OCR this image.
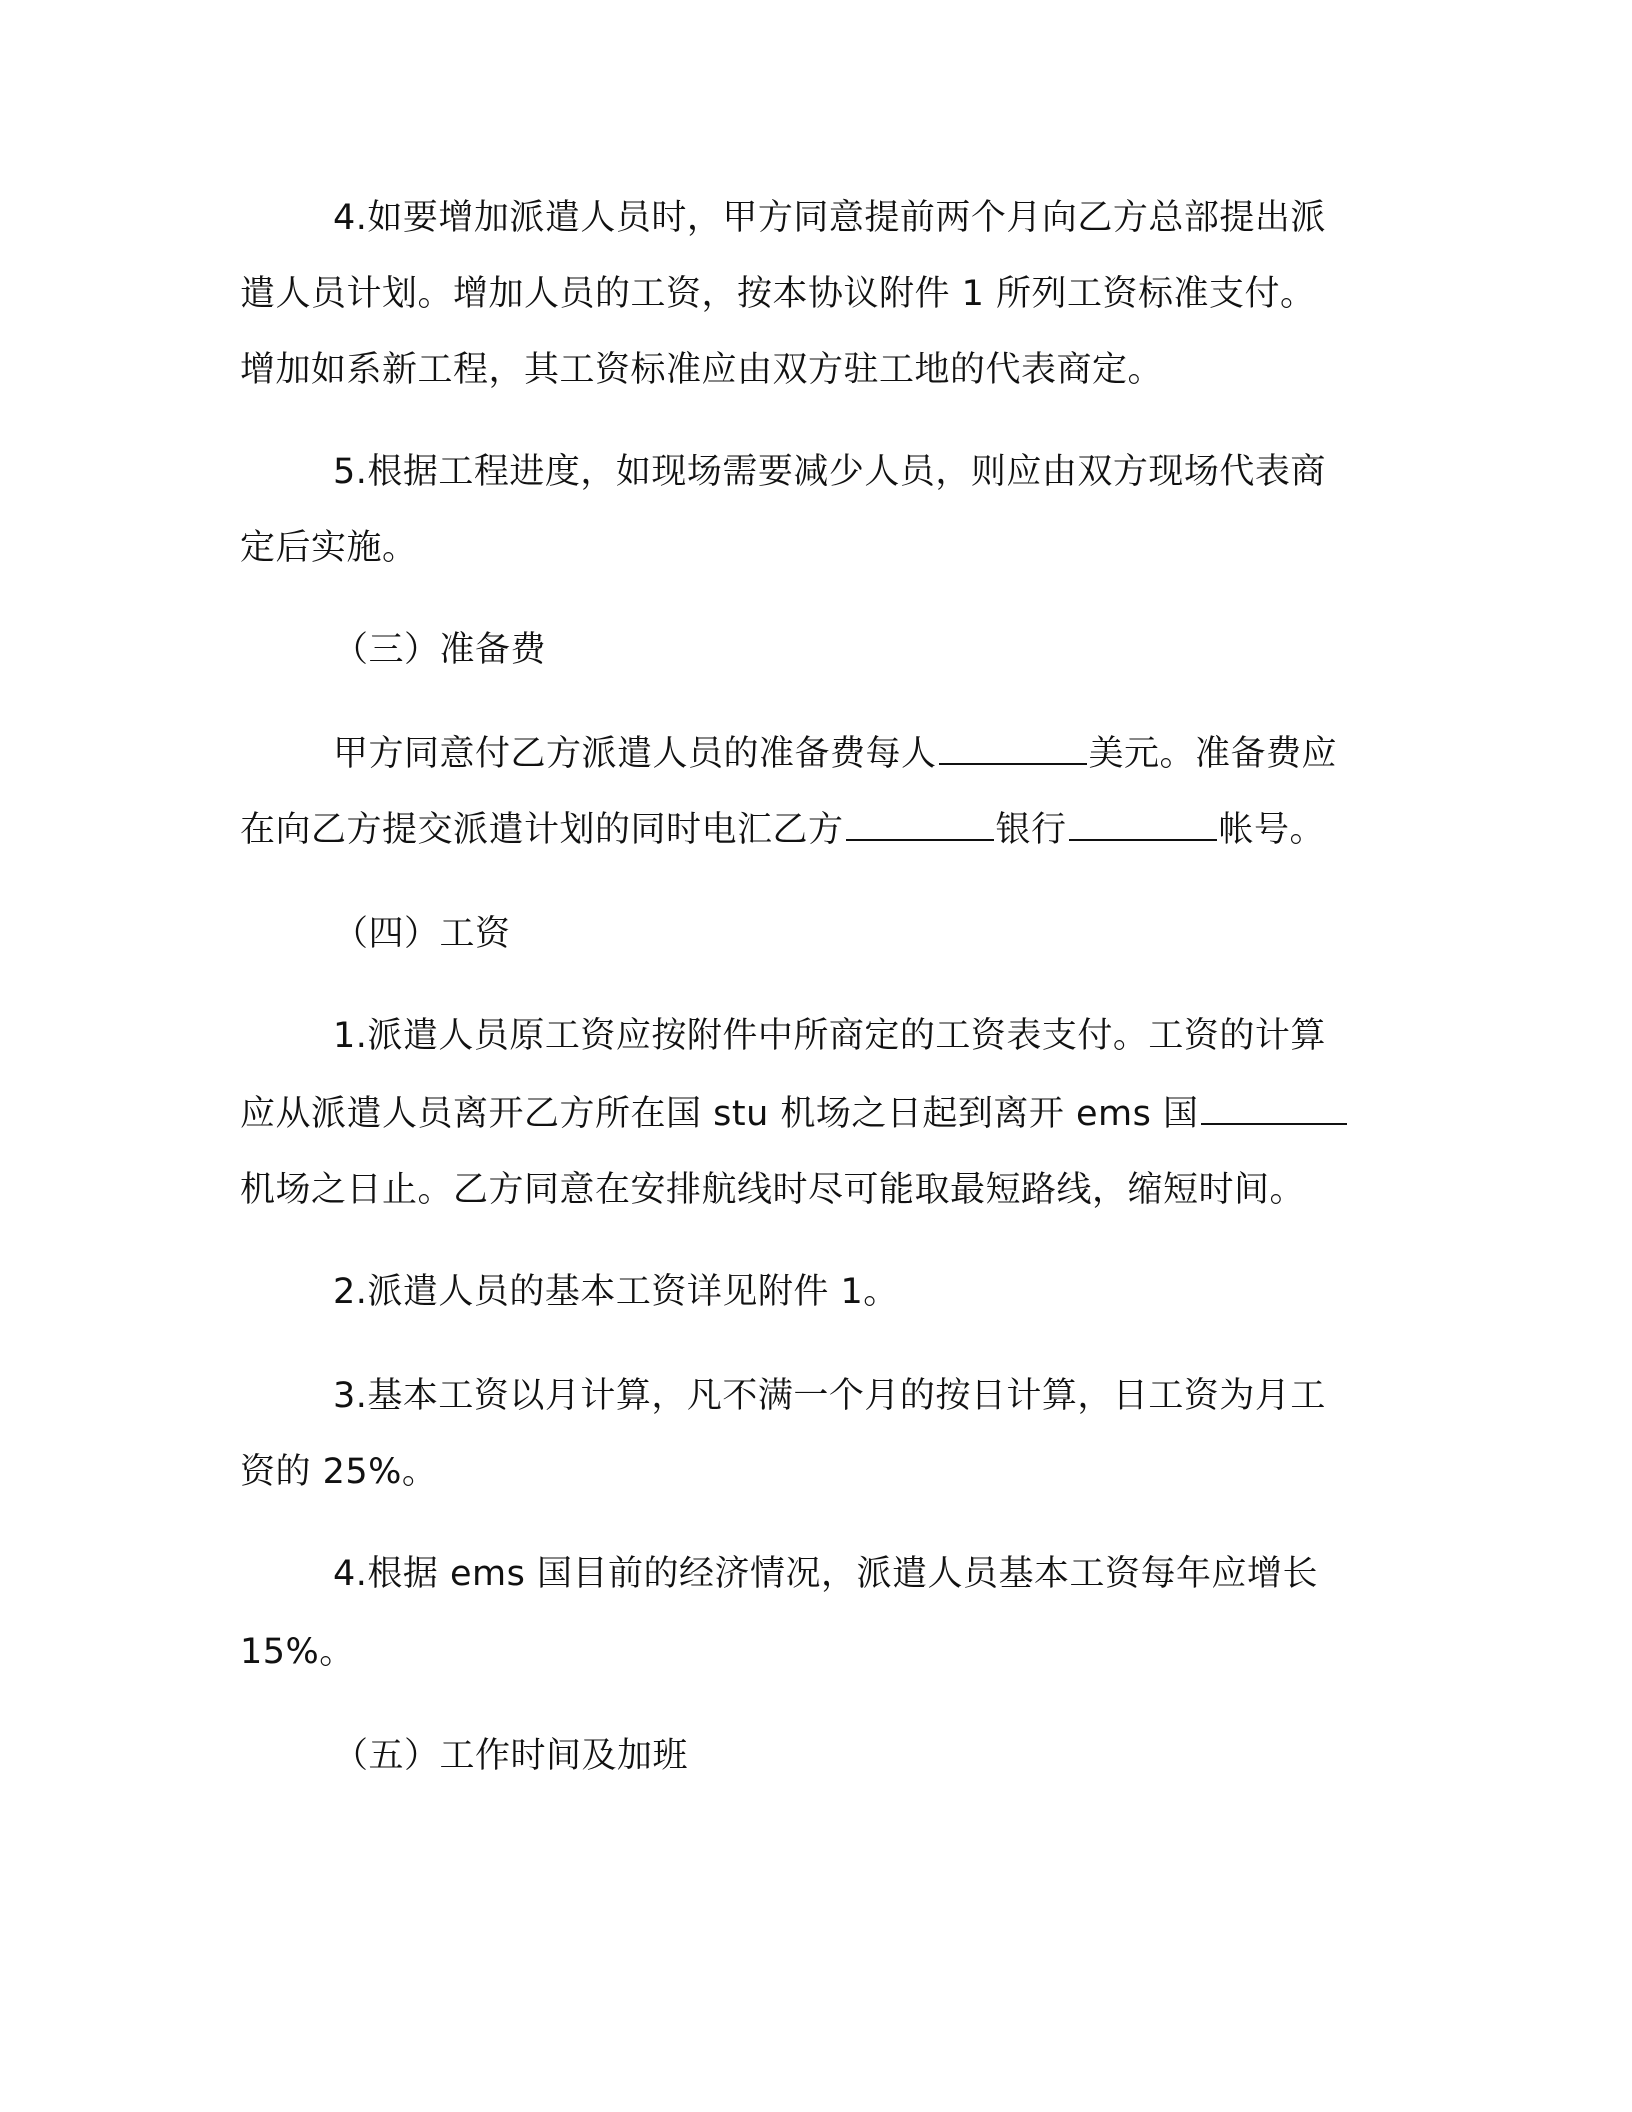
4.如要增加派遣人员时，甲方同意提前两个月向乙方总部提出派
遣人员计划。增加人员的工资，按本协议附件 1 所列工资标准支付。
增加如系新工程，其工资标准应由双方驻工地的代表商定。
5.根据工程进度，如现场需要减少人员，则应由双方现场代表商
定后实施。
（三）准备费
甲方同意付乙方派遣人员的准备费每人	美元。准备费应
在向乙方提交派遣计划的同时电汇乙方	银行	帐号。
（四）工资
1.派遣人员原工资应按附件中所商定的工资表支付。工资的计算
应从派遣人员离开乙方所在国 stu 机场之日起到离开 ems 国
机场之日止。乙方同意在安排航线时尽可能取最短路线，缩短时间。
2.派遣人员的基本工资详见附件 1。
3.基本工资以月计算，凡不满一个月的按日计算，日工资为月工
资的 25%。
4.根据 ems 国目前的经济情况，派遣人员基本工资每年应增长
15%。
（五）工作时间及加班
